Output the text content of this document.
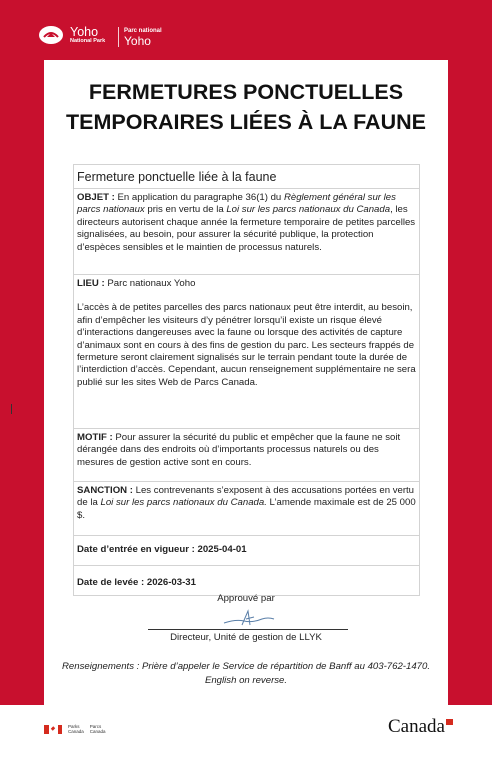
Yoho
National Park
Parc national
Yoho
FERMETURES PONCTUELLES
TEMPORAIRES LIÉES À LA FAUNE
Fermeture ponctuelle liée à la faune
OBJET : En application du paragraphe 36(1) du Règlement général sur les parcs nationaux pris en vertu de la Loi sur les parcs nationaux du Canada, les directeurs autorisent chaque année la fermeture temporaire de petites parcelles signalisées, au besoin, pour assurer la sécurité publique, la protection d’espèces sensibles et le maintien de processus naturels.
LIEU : Parc nationaux Yoho
L’accès à de petites parcelles des parcs nationaux peut être interdit, au besoin, afin d’empêcher les visiteurs d’y pénétrer lorsqu’il existe un risque élevé d’interactions dangereuses avec la faune ou lorsque des activités de capture d’animaux sont en cours à des fins de gestion du parc. Les secteurs frappés de fermeture seront clairement signalisés sur le terrain pendant toute la durée de l’interdiction d’accès. Cependant, aucun renseignement supplémentaire ne sera publié sur les sites Web de Parcs Canada.
MOTIF : Pour assurer la sécurité du public et empêcher que la faune ne soit dérangée dans des endroits où d’importants processus naturels ou des mesures de gestion active sont en cours.
SANCTION : Les contrevenants s’exposent à des accusations portées en vertu de la Loi sur les parcs nationaux du Canada. L’amende maximale est de 25 000 $.
Date d’entrée en vigueur : 2025-04-01
Date de levée : 2026-03-31
Approuvé par
Directeur, Unité de gestion de LLYK
Renseignements : Prière d’appeler le Service de répartition de Banff au 403-762-1470.
English on reverse.
Parks
Canada
Parcs
Canada	Canada
